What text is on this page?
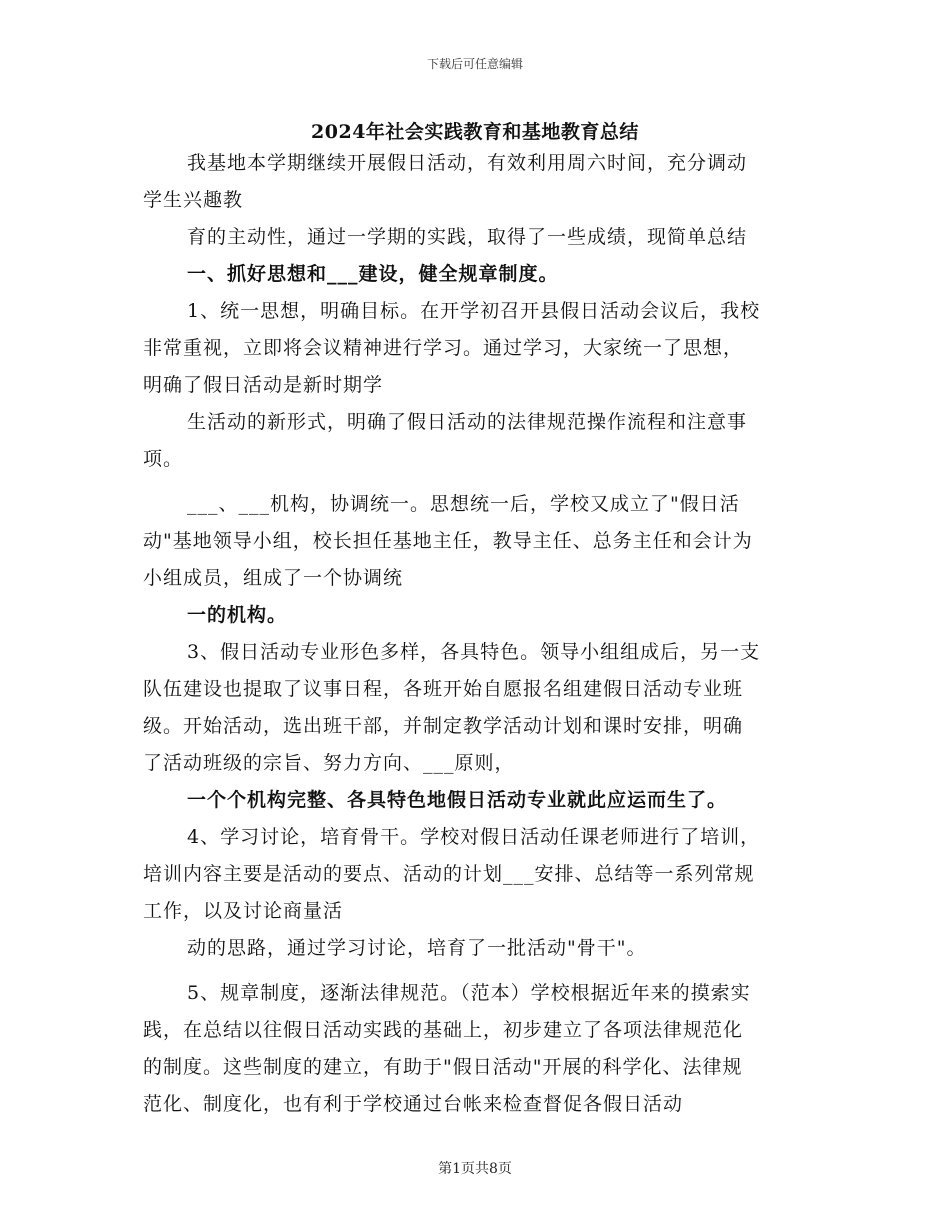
下载后可任意编辑
2024年社会实践教育和基地教育总结
我基地本学期继续开展假日活动，有效利用周六时间，充分调动
学生兴趣教
育的主动性，通过一学期的实践，取得了一些成绩，现简单总结
一、抓好思想和___建设，健全规章制度。
1、统一思想，明确目标。在开学初召开县假日活动会议后，我校
非常重视，立即将会议精神进行学习。通过学习，大家统一了思想，
明确了假日活动是新时期学
生活动的新形式，明确了假日活动的法律规范操作流程和注意事
项。
___、___机构，协调统一。思想统一后，学校又成立了"假日活
动"基地领导小组，校长担任基地主任，教导主任、总务主任和会计为
小组成员，组成了一个协调统
一的机构。
3、假日活动专业形色多样，各具特色。领导小组组成后，另一支
队伍建设也提取了议事日程，各班开始自愿报名组建假日活动专业班
级。开始活动，选出班干部，并制定教学活动计划和课时安排，明确
了活动班级的宗旨、努力方向、___原则，
一个个机构完整、各具特色地假日活动专业就此应运而生了。
4、学习讨论，培育骨干。学校对假日活动任课老师进行了培训，
培训内容主要是活动的要点、活动的计划___安排、总结等一系列常规
工作，以及讨论商量活
动的思路，通过学习讨论，培育了一批活动"骨干"。
5、规章制度，逐渐法律规范。（范本）学校根据近年来的摸索实
践，在总结以往假日活动实践的基础上，初步建立了各项法律规范化
的制度。这些制度的建立，有助于"假日活动"开展的科学化、法律规
范化、制度化，也有利于学校通过台帐来检查督促各假日活动
第1页共8页
